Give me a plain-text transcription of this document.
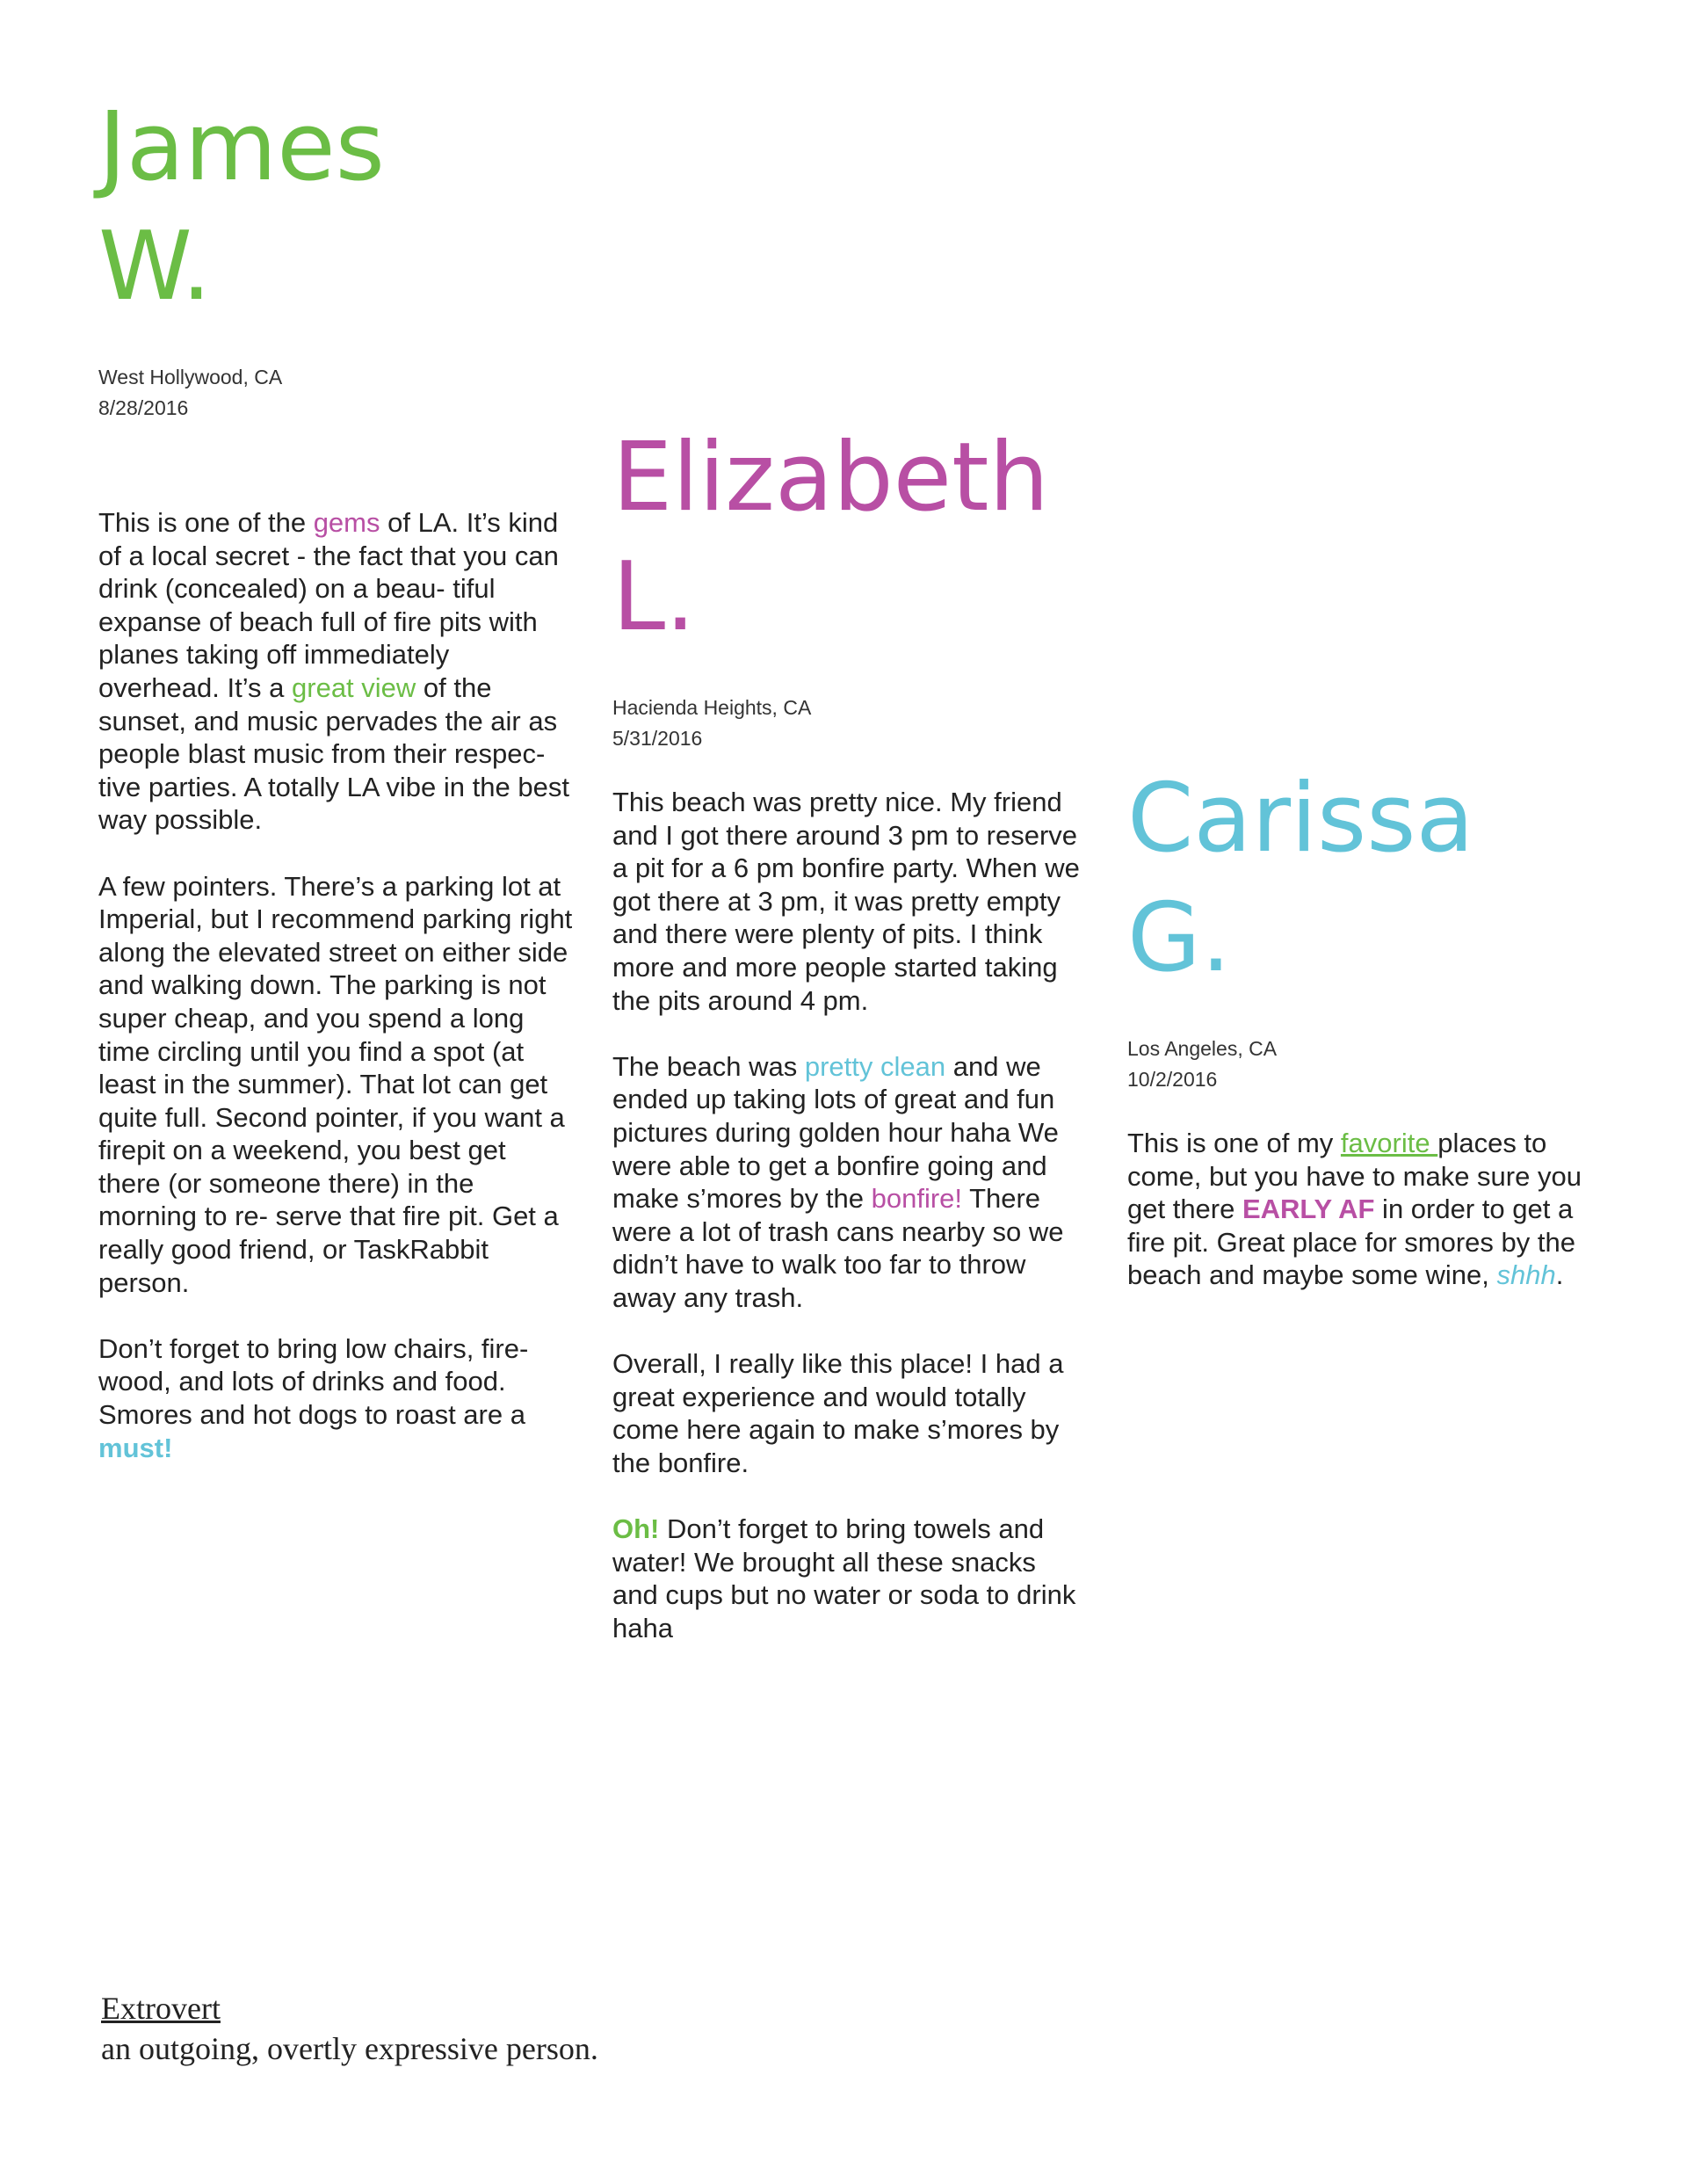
James
W.
West Hollywood, CA
8/28/2016

This is one of the gems of LA. It’s kind of a local secret - the fact that you can drink (concealed) on a beau- tiful expanse of beach full of fire pits with planes taking off immediately overhead. It’s a great view of the sunset, and music pervades the air as people blast music from their respec- tive parties. A totally LA vibe in the best way possible.

A few pointers. There’s a parking lot at Imperial, but I recommend parking right along the elevated street on either side and walking down. The parking is not super cheap, and you spend a long time circling until you find a spot (at least in the summer). That lot can get quite full. Second pointer, if you want a firepit on a weekend, you best get there (or someone there) in the morning to re- serve that fire pit. Get a really good friend, or TaskRabbit person.

Don’t forget to bring low chairs, fire- wood, and lots of drinks and food. Smores and hot dogs to roast are a must!

Elizabeth
L.
Hacienda Heights, CA
5/31/2016

This beach was pretty nice. My friend and I got there around 3 pm to reserve a pit for a 6 pm bonfire party. When we got there at 3 pm, it was pretty empty and there were plenty of pits. I think more and more people started taking the pits around 4 pm.

The beach was pretty clean and we ended up taking lots of great and fun pictures during golden hour haha We were able to get a bonfire going and make s’mores by the bonfire! There were a lot of trash cans nearby so we didn’t have to walk too far to throw away any trash.

Overall, I really like this place! I had a great experience and would totally come here again to make s’mores by the bonfire.

Oh! Don’t forget to bring towels and water! We brought all these snacks and cups but no water or soda to drink haha

Carissa
G.
Los Angeles, CA
10/2/2016

This is one of my favorite places to come, but you have to make sure you get there EARLY AF in order to get a fire pit. Great place for smores by the beach and maybe some wine, shhh.

Extrovert
an outgoing, overtly expressive person.
